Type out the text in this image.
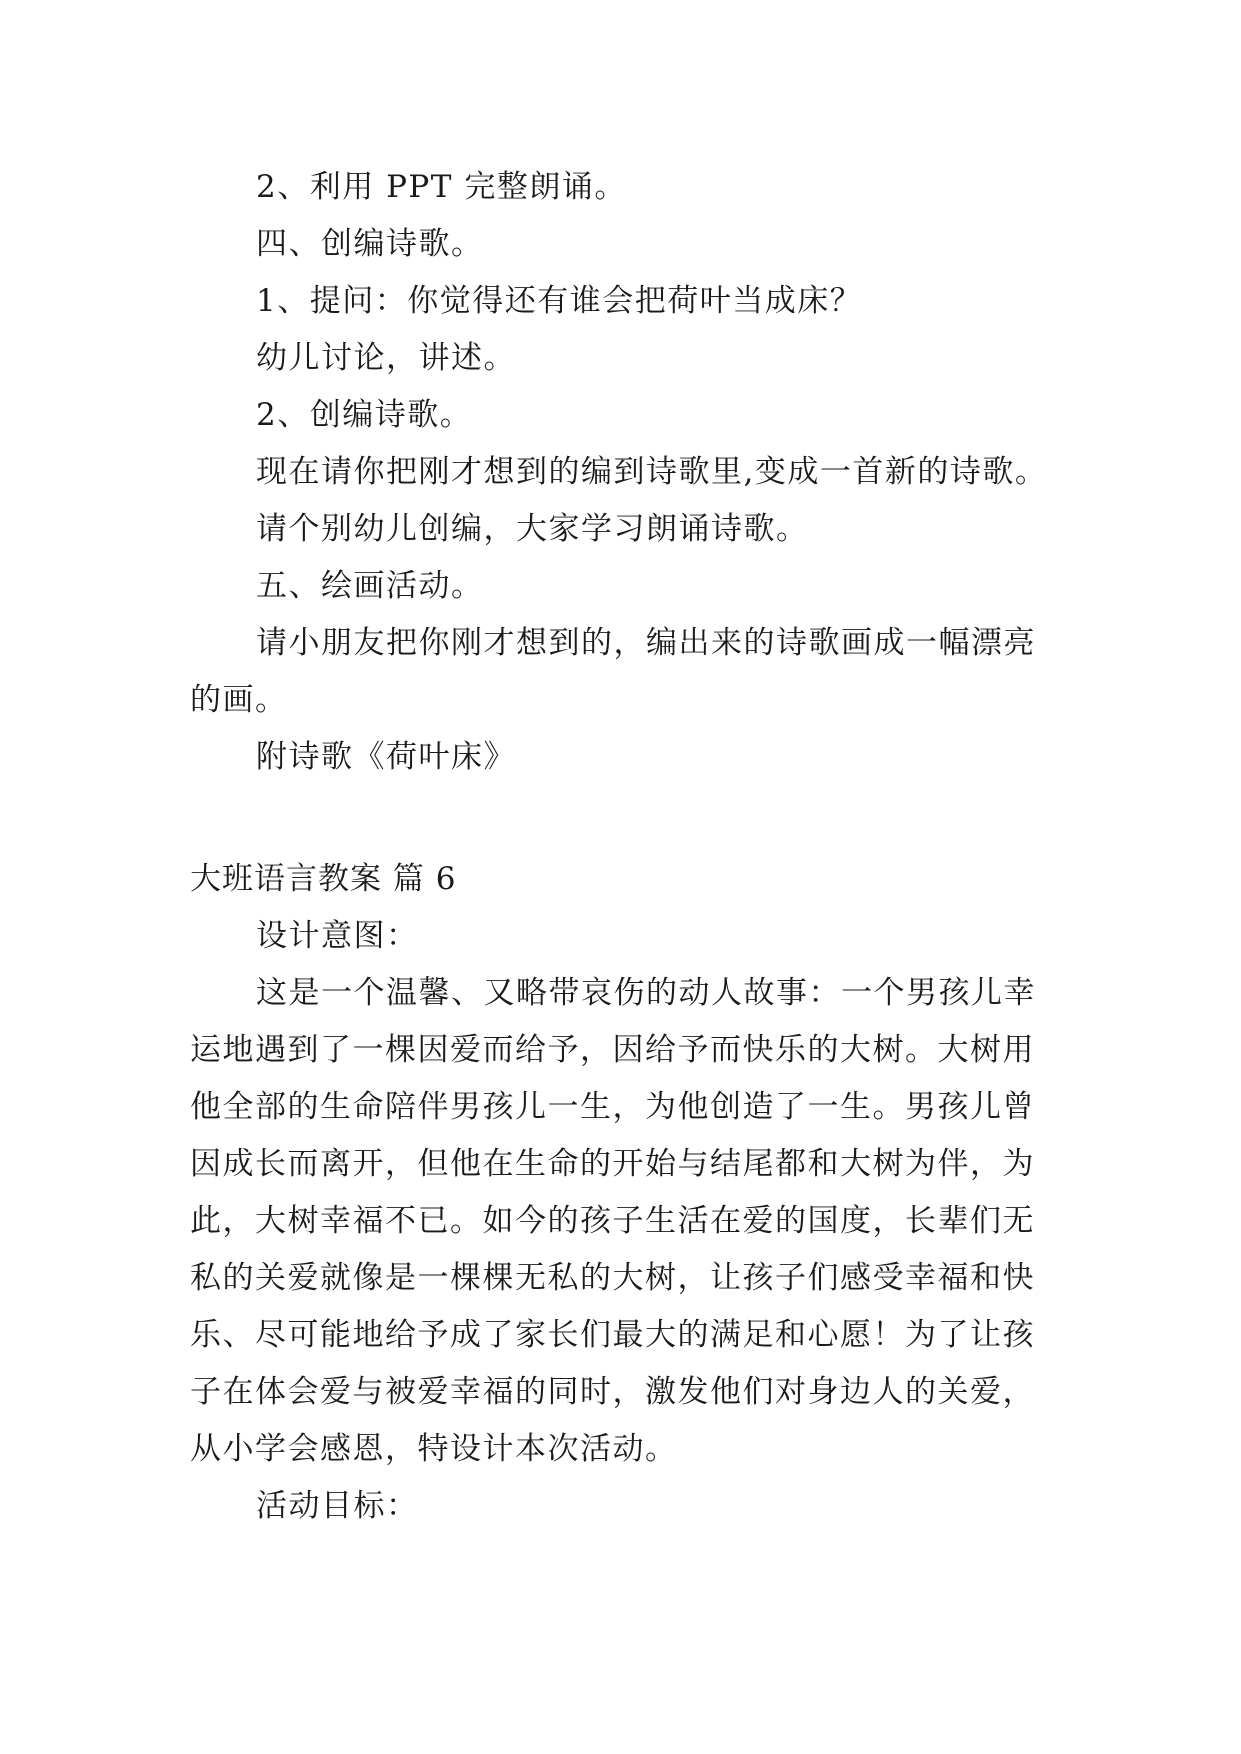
2、利用 PPT 完整朗诵。
四、创编诗歌。
1、提问：你觉得还有谁会把荷叶当成床？
幼儿讨论，讲述。
2、创编诗歌。
现在请你把刚才想到的编到诗歌里,变成一首新的诗歌。
请个别幼儿创编，大家学习朗诵诗歌。
五、绘画活动。
请小朋友把你刚才想到的，编出来的诗歌画成一幅漂亮
的画。
附诗歌《荷叶床》
大班语言教案 篇 6
设计意图：
这是一个温馨、又略带哀伤的动人故事：一个男孩儿幸
运地遇到了一棵因爱而给予，因给予而快乐的大树。大树用
他全部的生命陪伴男孩儿一生，为他创造了一生。男孩儿曾
因成长而离开，但他在生命的开始与结尾都和大树为伴，为
此，大树幸福不已。如今的孩子生活在爱的国度，长辈们无
私的关爱就像是一棵棵无私的大树，让孩子们感受幸福和快
乐、尽可能地给予成了家长们最大的满足和心愿！为了让孩
子在体会爱与被爱幸福的同时，激发他们对身边人的关爱，
从小学会感恩，特设计本次活动。
活动目标：
